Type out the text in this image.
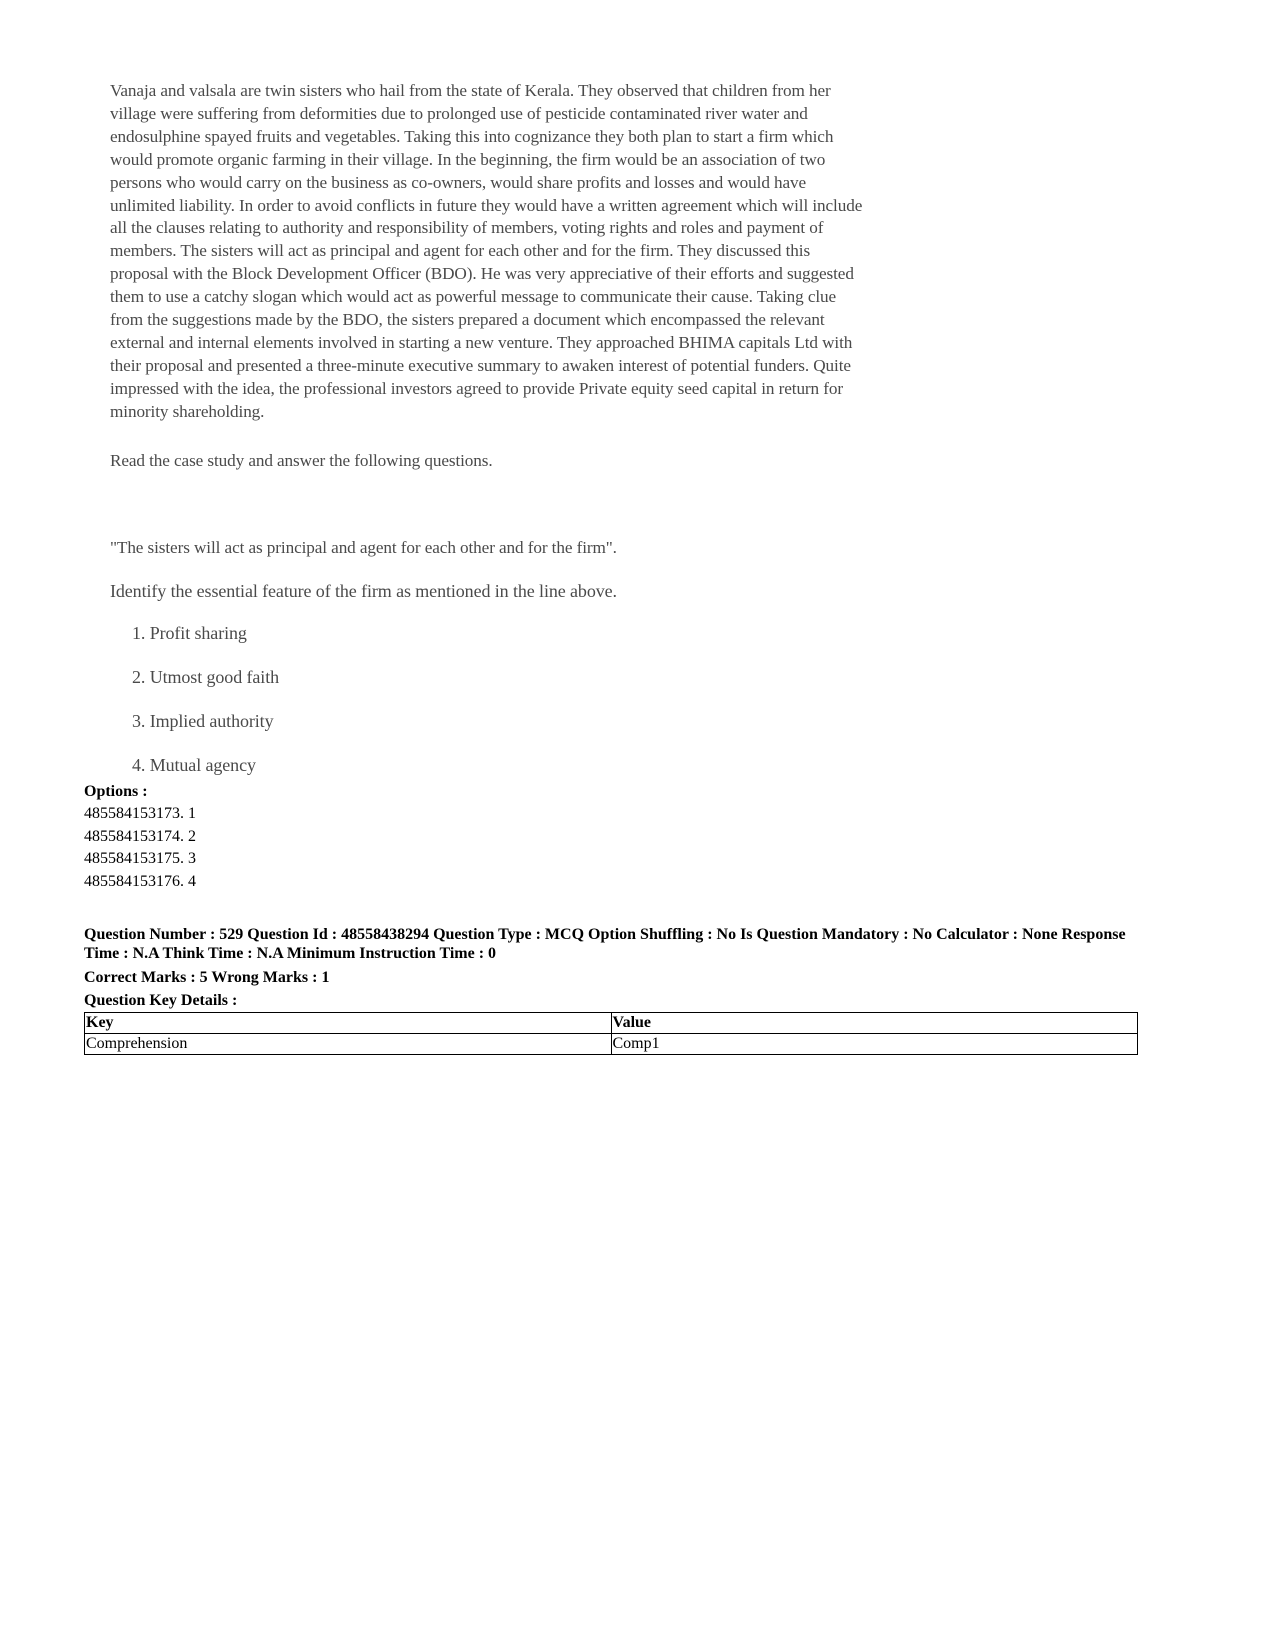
Vanaja and valsala are twin sisters who hail from the state of Kerala. They observed that children from her
village were suffering from deformities due to prolonged use of pesticide contaminated river water and
endosulphine spayed fruits and vegetables. Taking this into cognizance they both plan to start a firm which
would promote organic farming in their village. In the beginning, the firm would be an association of two
persons who would carry on the business as co-owners, would share profits and losses and would have
unlimited liability. In order to avoid conflicts in future they would have a written agreement which will include
all the clauses relating to authority and responsibility of members, voting rights and roles and payment of
members. The sisters will act as principal and agent for each other and for the firm. They discussed this
proposal with the Block Development Officer (BDO). He was very appreciative of their efforts and suggested
them to use a catchy slogan which would act as powerful message to communicate their cause. Taking clue
from the suggestions made by the BDO, the sisters prepared a document which encompassed the relevant
external and internal elements involved in starting a new venture. They approached BHIMA capitals Ltd with
their proposal and presented a three-minute executive summary to awaken interest of potential funders. Quite
impressed with the idea, the professional investors agreed to provide Private equity seed capital in return for
minority shareholding.

Read the case study and answer the following questions.

"The sisters will act as principal and agent for each other and for the firm".

Identify the essential feature of the firm as mentioned in the line above.

1. Profit sharing
2. Utmost good faith
3. Implied authority
4. Mutual agency

Options :

485584153173. 1
485584153174. 2
485584153175. 3
485584153176. 4

Question Number : 529 Question Id : 48558438294 Question Type : MCQ Option Shuffling : No Is Question Mandatory : No Calculator : None Response Time : N.A Think Time : N.A Minimum Instruction Time : 0

Correct Marks : 5 Wrong Marks : 1

Question Key Details :

Key	Value
Comprehension	Comp1
